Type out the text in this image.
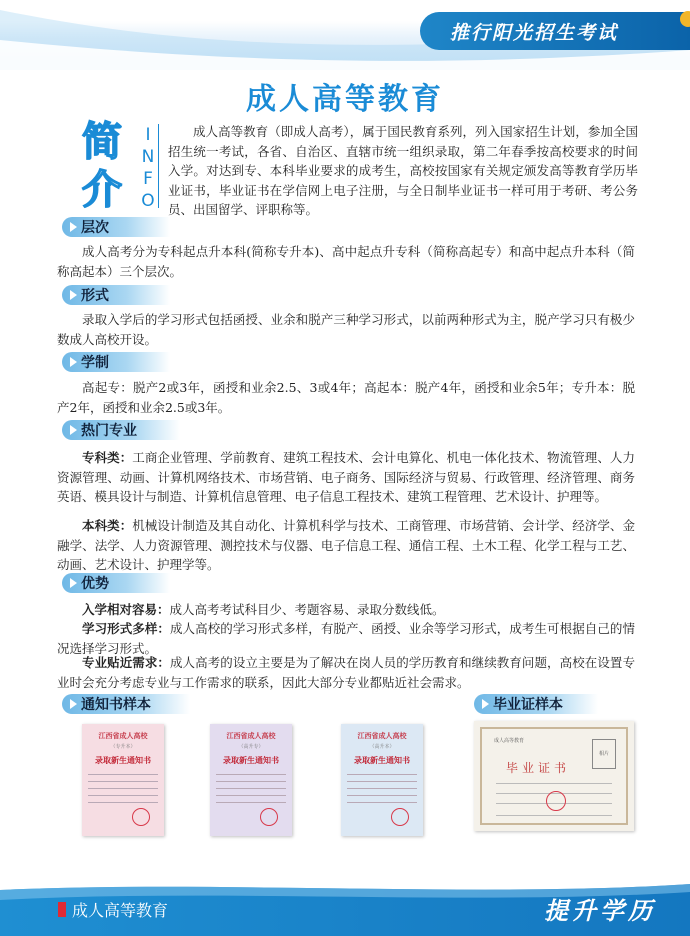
推行阳光招生考试
成人高等教育
简介
I
N
F
O

成人高等教育（即成人高考），属于国民教育系列，列入国家招生计划，参加全国招生统一考试，各省、自治区、直辖市统一组织录取，第二年春季按高校要求的时间入学。对达到专、本科毕业要求的成考生，高校按国家有关规定颁发高等教育学历毕业证书，毕业证书在学信网上电子注册，与全日制毕业证书一样可用于考研、考公务员、出国留学、评职称等。

层次

成人高考分为专科起点升本科(简称专升本)、高中起点升专科（简称高起专）和高中起点升本科（简称高起本）三个层次。

形式

录取入学后的学习形式包括函授、业余和脱产三种学习形式，以前两种形式为主，脱产学习只有极少数成人高校开设。

学制

高起专：脱产2或3年，函授和业余2.5、3或4年；高起本：脱产4年，函授和业余5年；专升本：脱产2年，函授和业余2.5或3年。

热门专业

专科类：工商企业管理、学前教育、建筑工程技术、会计电算化、机电一体化技术、物流管理、人力资源管理、动画、计算机网络技术、市场营销、电子商务、国际经济与贸易、行政管理、经济管理、商务英语、模具设计与制造、计算机信息管理、电子信息工程技术、建筑工程管理、艺术设计、护理等。

本科类：机械设计制造及其自动化、计算机科学与技术、工商管理、市场营销、会计学、经济学、金融学、法学、人力资源管理、测控技术与仪器、电子信息工程、通信工程、土木工程、化学工程与工艺、动画、艺术设计、护理学等。

优势

入学相对容易：成人高考考试科目少、考题容易、录取分数线低。

学习形式多样：成人高校的学习形式多样，有脱产、函授、业余等学习形式，成考生可根据自己的情况选择学习形式。

专业贴近需求：成人高考的设立主要是为了解决在岗人员的学历教育和继续教育问题，高校在设置专业时会充分考虑专业与工作需求的联系，因此大部分专业都贴近社会需求。

通知书样本	毕业证样本
江西省成人高校
（专升本）
录取新生通知书
江西省成人高校
（高升专）
录取新生通知书
江西省成人高校
（高升本）
录取新生通知书
成人高等教育
毕业证书
相片
成人高等教育	提升学历
